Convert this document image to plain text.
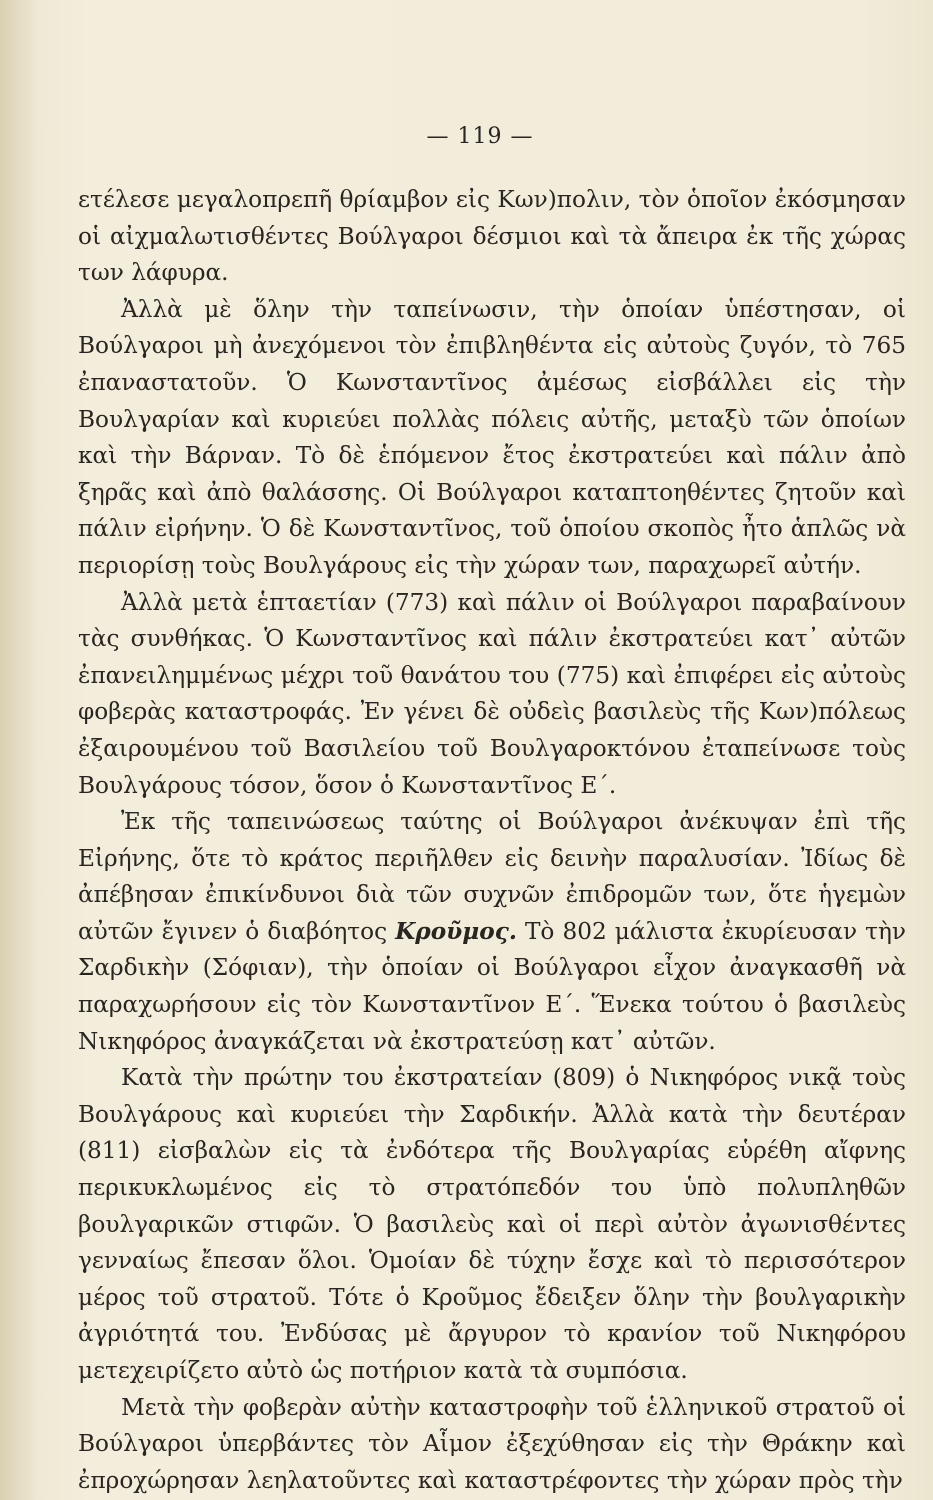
— 119 —

ετέλεσε μεγαλοπρεπῆ θρίαμβον εἰς Κων)πολιν, τὸν ὁποῖον ἐκόσμησαν οἱ αἰχμαλωτισθέντες Βούλγαροι δέσμιοι καὶ τὰ ἄπειρα ἐκ τῆς χώρας των λάφυρα.

Ἀλλὰ μὲ ὅλην τὴν ταπείνωσιν, τὴν ὁποίαν ὑπέστησαν, οἱ Βούλγαροι μὴ ἀνεχόμενοι τὸν ἐπιβληθέντα εἰς αὐτοὺς ζυγόν, τὸ 765 ἐπαναστατοῦν. Ὁ Κωνσταντῖνος ἀμέσως εἰσβάλλει εἰς τὴν Βουλγαρίαν καὶ κυριεύει πολλὰς πόλεις αὐτῆς, μεταξὺ τῶν ὁποίων καὶ τὴν Βάρναν. Τὸ δὲ ἑπόμενον ἔτος ἐκστρατεύει καὶ πάλιν ἀπὸ ξηρᾶς καὶ ἀπὸ θαλάσσης. Οἱ Βούλγαροι καταπτοηθέντες ζητοῦν καὶ πάλιν εἰρήνην. Ὁ δὲ Κωνσταντῖνος, τοῦ ὁποίου σκοπὸς ἦτο ἁπλῶς νὰ περιορίσῃ τοὺς Βουλγάρους εἰς τὴν χώραν των, παραχωρεῖ αὐτήν.

Ἀλλὰ μετὰ ἑπταετίαν (773) καὶ πάλιν οἱ Βούλγαροι παραβαίνουν τὰς συνθήκας. Ὁ Κωνσταντῖνος καὶ πάλιν ἐκστρατεύει κατ᾽ αὐτῶν ἐπανειλημμένως μέχρι τοῦ θανάτου του (775) καὶ ἐπιφέρει εἰς αὐτοὺς φοβερὰς καταστροφάς. Ἐν γένει δὲ οὐδεὶς βασιλεὺς τῆς Κων)πόλεως ἐξαιρουμένου τοῦ Βασιλείου τοῦ Βουλγαροκτόνου ἐταπείνωσε τοὺς Βουλγάρους τόσον, ὅσον ὁ Κωνσταντῖνος Ε΄.

Ἐκ τῆς ταπεινώσεως ταύτης οἱ Βούλγαροι ἀνέκυψαν ἐπὶ τῆς Εἰρήνης, ὅτε τὸ κράτος περιῆλθεν εἰς δεινὴν παραλυσίαν. Ἰδίως δὲ ἀπέβησαν ἐπικίνδυνοι διὰ τῶν συχνῶν ἐπιδρομῶν των, ὅτε ἡγεμὼν αὐτῶν ἔγινεν ὁ διαβόητος Κροῦμος. Τὸ 802 μάλιστα ἐκυρίευσαν τὴν Σαρδικὴν (Σόφιαν), τὴν ὁποίαν οἱ Βούλγαροι εἶχον ἀναγκασθῆ νὰ παραχωρήσουν εἰς τὸν Κωνσταντῖνον Ε΄. Ἕνεκα τούτου ὁ βασιλεὺς Νικηφόρος ἀναγκάζεται νὰ ἐκστρατεύσῃ κατ᾽ αὐτῶν.

Κατὰ τὴν πρώτην του ἐκστρατείαν (809) ὁ Νικηφόρος νικᾷ τοὺς Βουλγάρους καὶ κυριεύει τὴν Σαρδικήν. Ἀλλὰ κατὰ τὴν δευτέραν (811) εἰσβαλὼν εἰς τὰ ἐνδότερα τῆς Βουλγαρίας εὑρέθη αἴφνης περικυκλωμένος εἰς τὸ στρατόπεδόν του ὑπὸ πολυπληθῶν βουλγαρικῶν στιφῶν. Ὁ βασιλεὺς καὶ οἱ περὶ αὐτὸν ἀγωνισθέντες γενναίως ἔπεσαν ὅλοι. Ὁμοίαν δὲ τύχην ἔσχε καὶ τὸ περισσότερον μέρος τοῦ στρατοῦ. Τότε ὁ Κροῦμος ἔδειξεν ὅλην τὴν βουλγαρικὴν ἀγριότητά του. Ἐνδύσας μὲ ἄργυρον τὸ κρανίον τοῦ Νικηφόρου μετεχειρίζετο αὐτὸ ὡς ποτήριον κατὰ τὰ συμπόσια.

Μετὰ τὴν φοβερὰν αὐτὴν καταστροφὴν τοῦ ἑλληνικοῦ στρατοῦ οἱ Βούλγαροι ὑπερβάντες τὸν Αἷμον ἐξεχύθησαν εἰς τὴν Θράκην καὶ ἐπροχώρησαν λεηλατοῦντες καὶ καταστρέφοντες τὴν χώραν πρὸς τὴν
